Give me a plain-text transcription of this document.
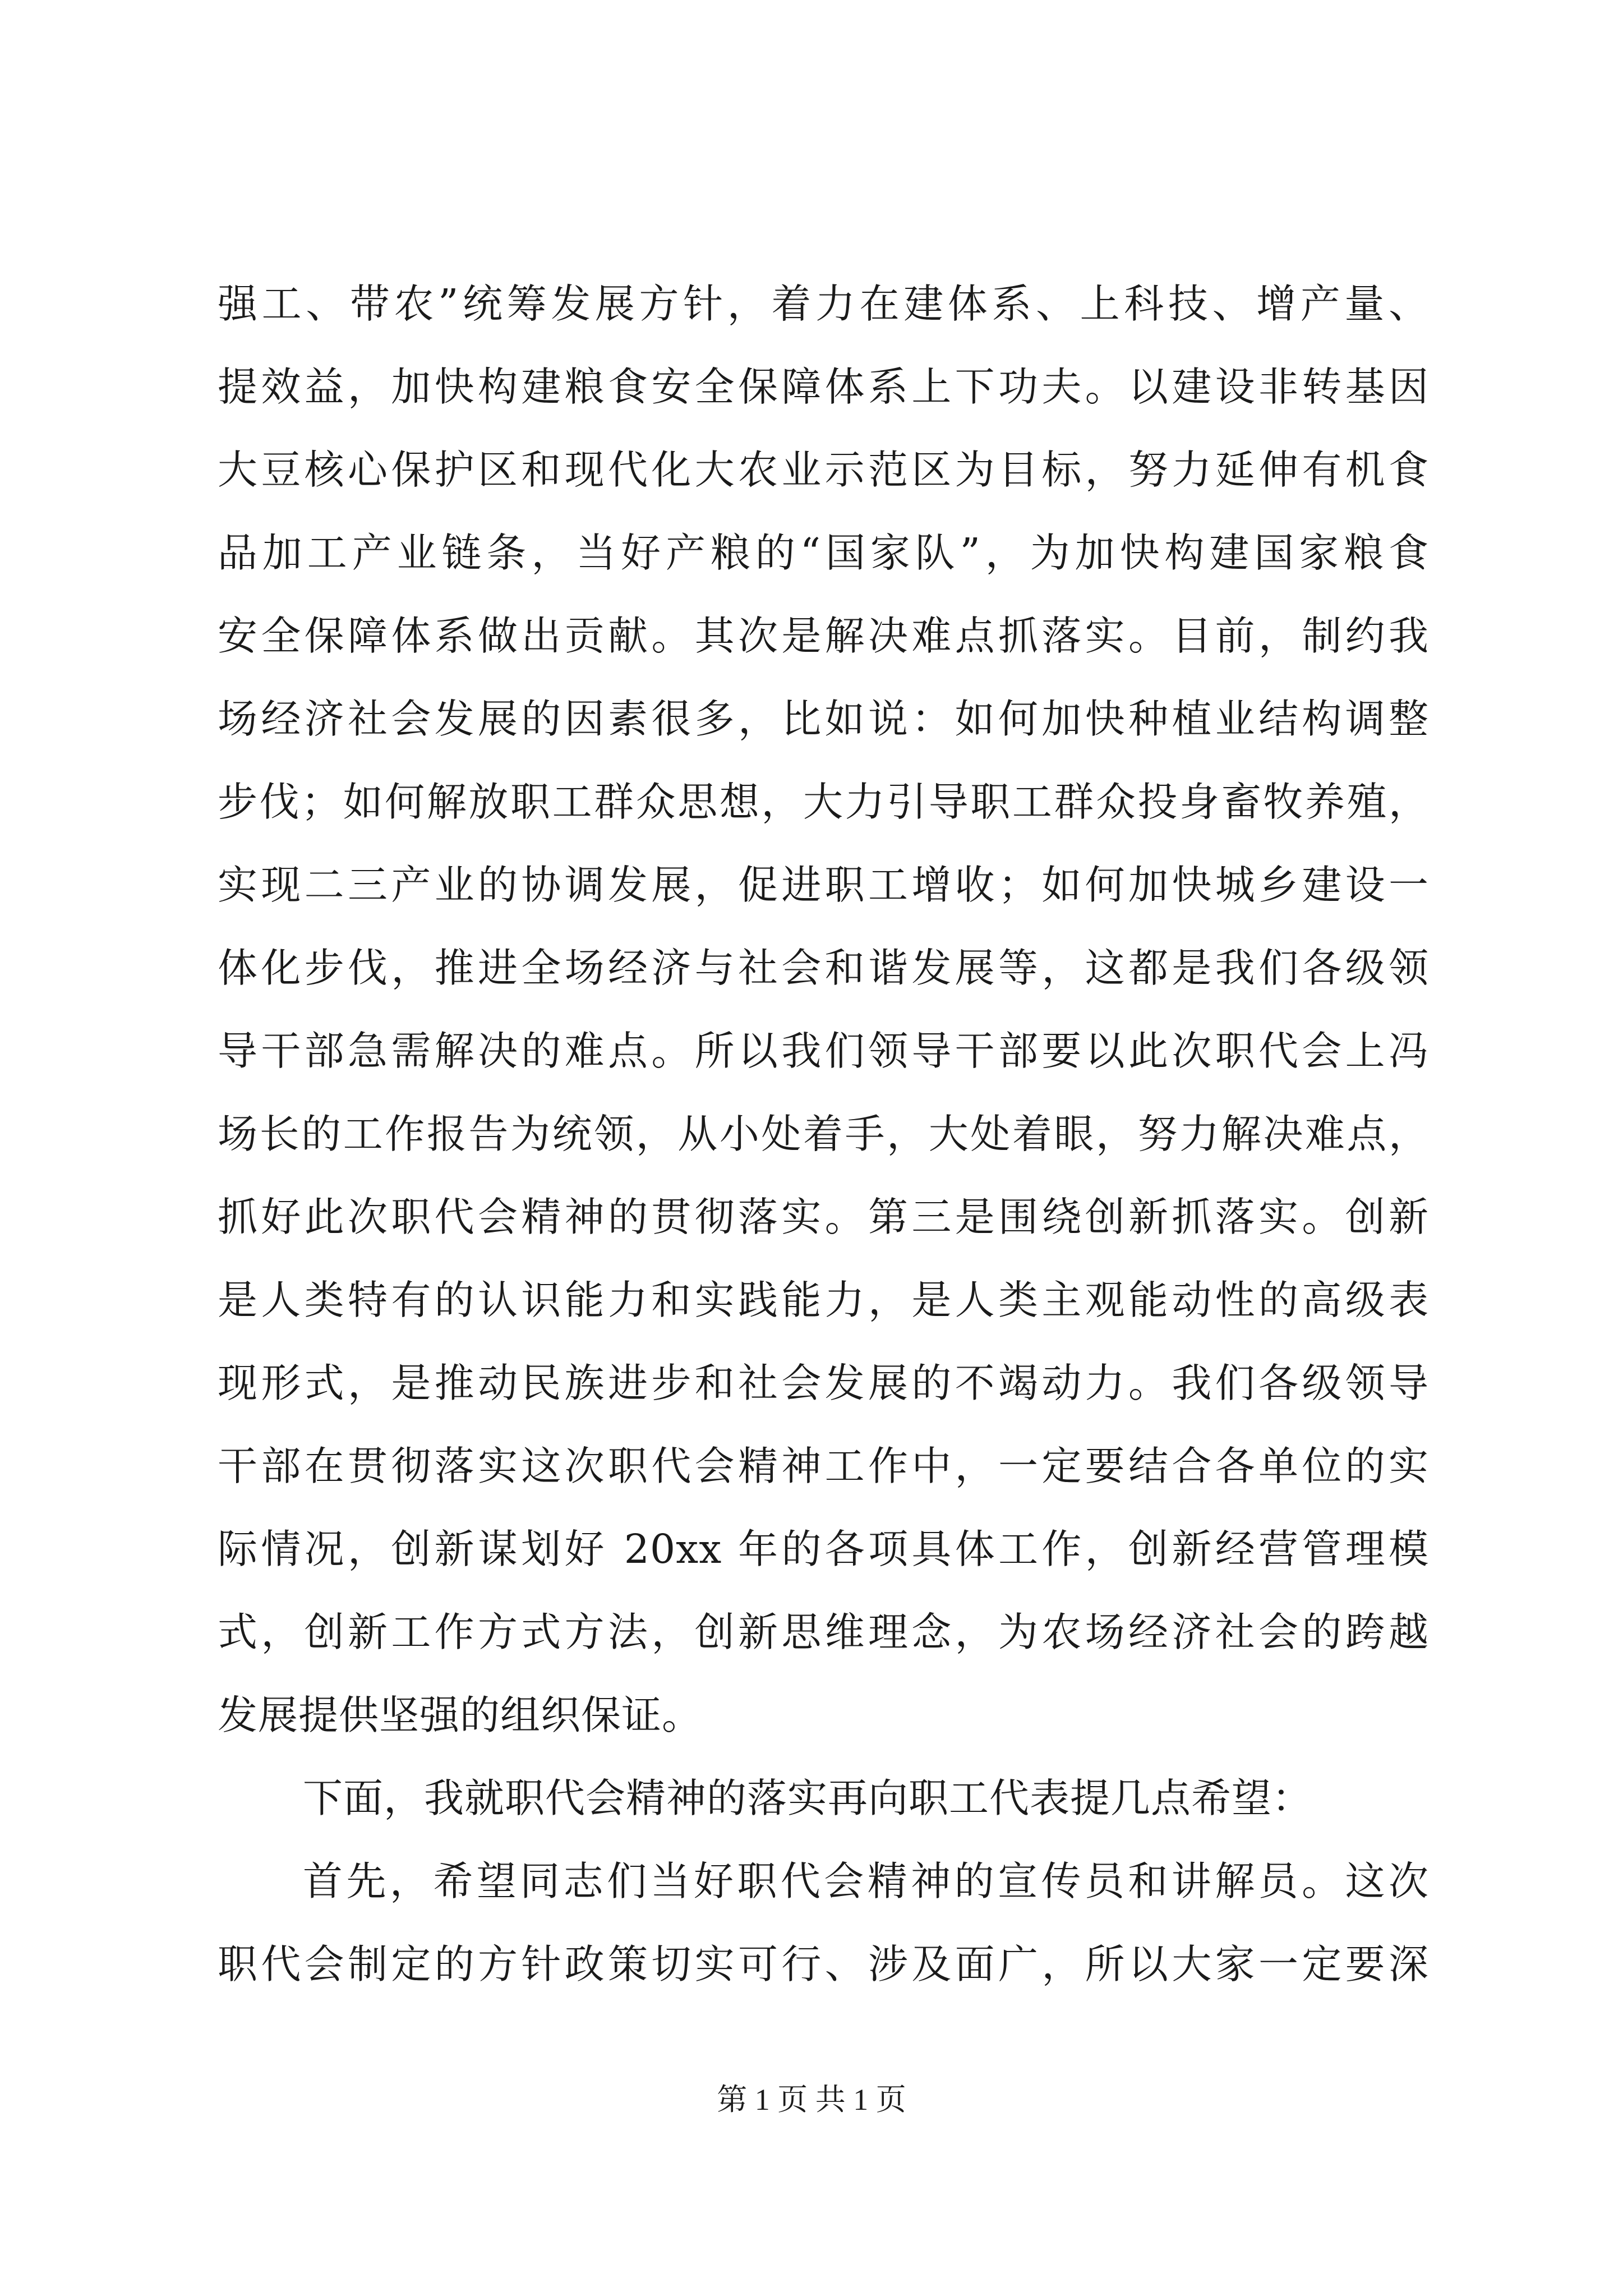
强工、带农”统筹发展方针，着力在建体系、上科技、增产量、
提效益，加快构建粮食安全保障体系上下功夫。以建设非转基因
大豆核心保护区和现代化大农业示范区为目标，努力延伸有机食
品加工产业链条，当好产粮的“国家队”，为加快构建国家粮食
安全保障体系做出贡献。其次是解决难点抓落实。目前，制约我
场经济社会发展的因素很多，比如说：如何加快种植业结构调整
步伐；如何解放职工群众思想，大力引导职工群众投身畜牧养殖，
实现二三产业的协调发展，促进职工增收；如何加快城乡建设一
体化步伐，推进全场经济与社会和谐发展等，这都是我们各级领
导干部急需解决的难点。所以我们领导干部要以此次职代会上冯
场长的工作报告为统领，从小处着手，大处着眼，努力解决难点，
抓好此次职代会精神的贯彻落实。第三是围绕创新抓落实。创新
是人类特有的认识能力和实践能力，是人类主观能动性的高级表
现形式，是推动民族进步和社会发展的不竭动力。我们各级领导
干部在贯彻落实这次职代会精神工作中，一定要结合各单位的实
际情况，创新谋划好 20xx 年的各项具体工作，创新经营管理模
式，创新工作方式方法，创新思维理念，为农场经济社会的跨越
发展提供坚强的组织保证。
下面，我就职代会精神的落实再向职工代表提几点希望：
首先，希望同志们当好职代会精神的宣传员和讲解员。这次
职代会制定的方针政策切实可行、涉及面广，所以大家一定要深
第 1 页 共 1 页
